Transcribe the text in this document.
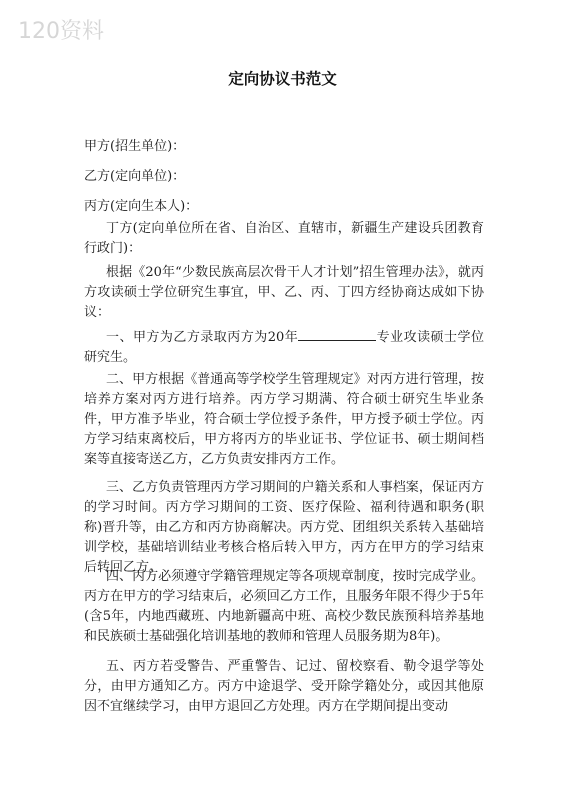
120资料
定向协议书范文
甲方(招生单位)：
乙方(定向单位)：
丙方(定向生本人)：
丁方(定向单位所在省、自治区、直辖市，新疆生产建设兵团教育行政门)：
根据《20年“少数民族高层次骨干人才计划”招生管理办法》，就丙方攻读硕士学位研究生事宜，甲、乙、丙、丁四方经协商达成如下协议：
一、甲方为乙方录取丙方为20年	专业攻读硕士学位研究生。
二、甲方根据《普通高等学校学生管理规定》对丙方进行管理，按培养方案对丙方进行培养。丙方学习期满、符合硕士研究生毕业条件，甲方准予毕业，符合硕士学位授予条件，甲方授予硕士学位。丙方学习结束离校后，甲方将丙方的毕业证书、学位证书、硕士期间档案等直接寄送乙方，乙方负责安排丙方工作。
三、乙方负责管理丙方学习期间的户籍关系和人事档案，保证丙方的学习时间。丙方学习期间的工资、医疗保险、福利待遇和职务(职称)晋升等，由乙方和丙方协商解决。丙方党、团组织关系转入基础培训学校，基础培训结业考核合格后转入甲方，丙方在甲方的学习结束后转回乙方。
四、丙方必须遵守学籍管理规定等各项规章制度，按时完成学业。丙方在甲方的学习结束后，必须回乙方工作，且服务年限不得少于5年(含5年，内地西藏班、内地新疆高中班、高校少数民族预科培养基地和民族硕士基础强化培训基地的教师和管理人员服务期为8年)。
五、丙方若受警告、严重警告、记过、留校察看、勒令退学等处分，由甲方通知乙方。丙方中途退学、受开除学籍处分，或因其他原因不宜继续学习，由甲方退回乙方处理。丙方在学期间提出变动
